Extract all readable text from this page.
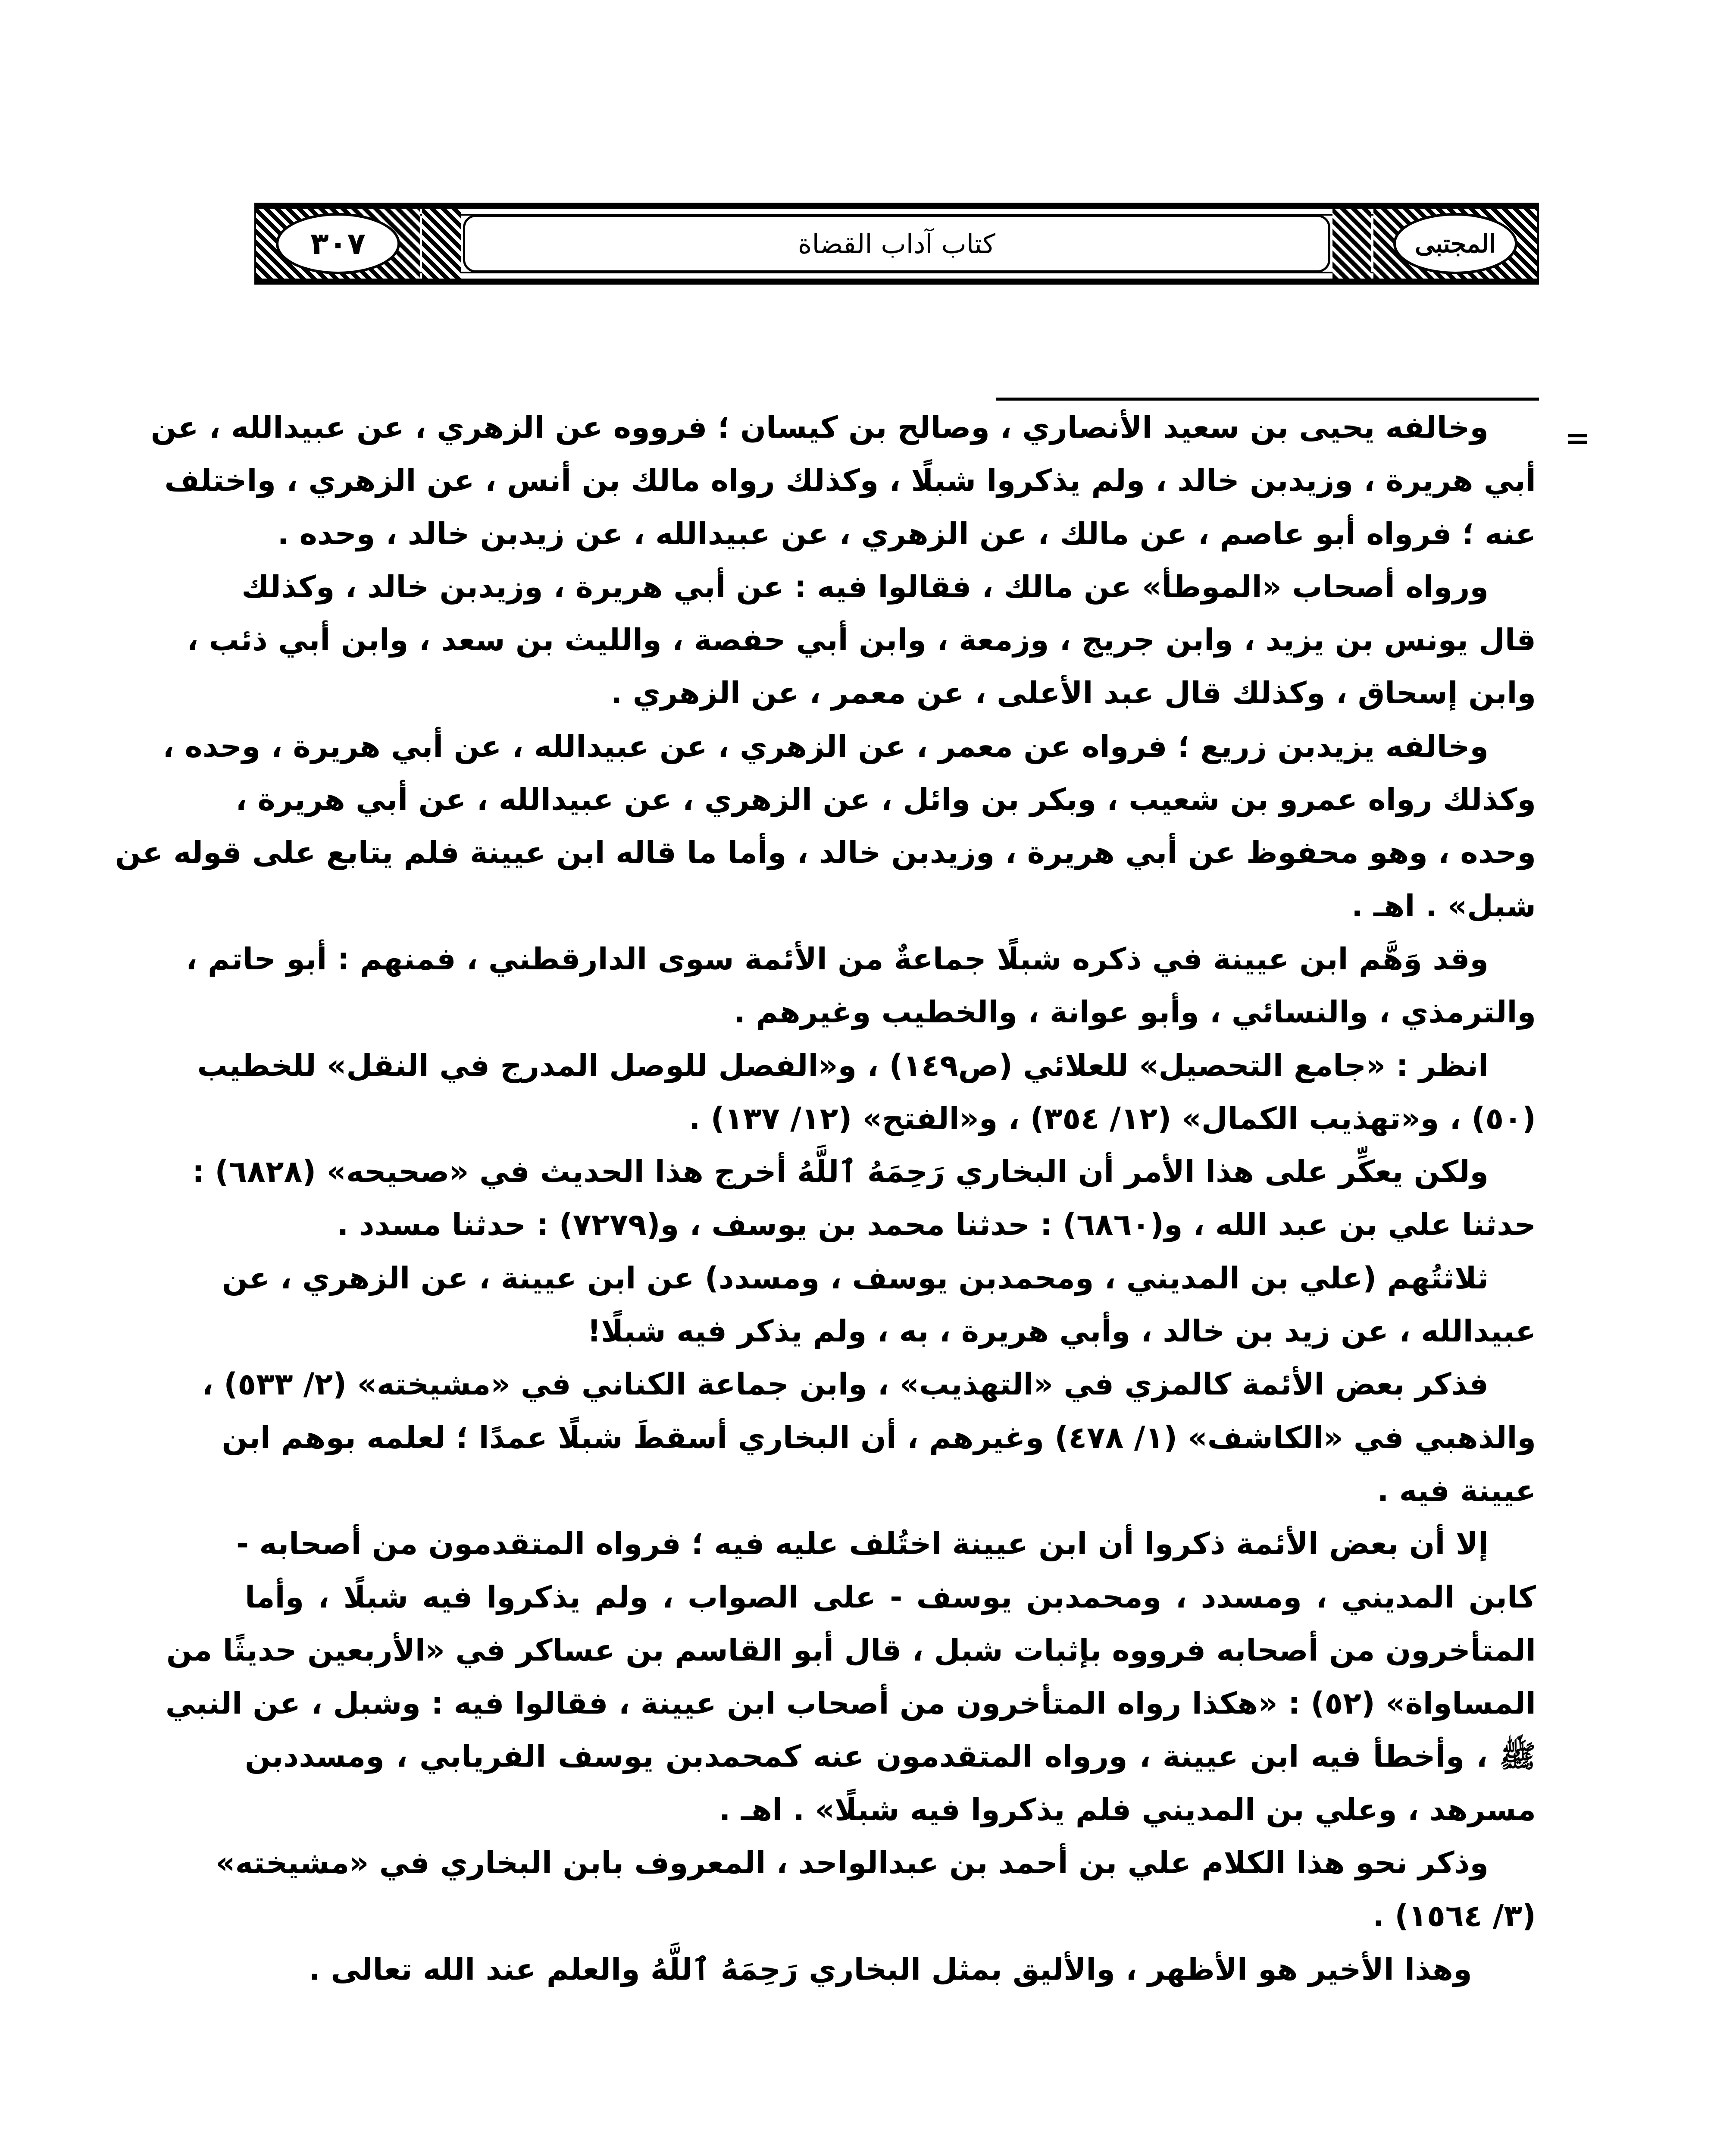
٣٠٧	كتاب آداب القضاة	المجتبى
=
وخالفه يحيى بن سعيد الأنصاري ، وصالح بن كيسان ؛ فرووه عن الزهري ، عن عبيدالله ، عن
أبي هريرة ، وزيدبن خالد ، ولم يذكروا شبلًا ، وكذلك رواه مالك بن أنس ، عن الزهري ، واختلف
عنه ؛ فرواه أبو عاصم ، عن مالك ، عن الزهري ، عن عبيدالله ، عن زيدبن خالد ، وحده .
ورواه أصحاب «الموطأ» عن مالك ، فقالوا فيه : عن أبي هريرة ، وزيدبن خالد ، وكذلك
قال يونس بن يزيد ، وابن جريج ، وزمعة ، وابن أبي حفصة ، والليث بن سعد ، وابن أبي ذئب ،
وابن إسحاق ، وكذلك قال عبد الأعلى ، عن معمر ، عن الزهري .
وخالفه يزيدبن زريع ؛ فرواه عن معمر ، عن الزهري ، عن عبيدالله ، عن أبي هريرة ، وحده ،
وكذلك رواه عمرو بن شعيب ، وبكر بن وائل ، عن الزهري ، عن عبيدالله ، عن أبي هريرة ،
وحده ، وهو محفوظ عن أبي هريرة ، وزيدبن خالد ، وأما ما قاله ابن عيينة فلم يتابع على قوله عن
شبل» . اهـ .
وقد وَهَّم ابن عيينة في ذكره شبلًا جماعةٌ من الأئمة سوى الدارقطني ، فمنهم : أبو حاتم ،
والترمذي ، والنسائي ، وأبو عوانة ، والخطيب وغيرهم .
انظر : «جامع التحصيل» للعلائي (ص١٤٩) ، و«الفصل للوصل المدرج في النقل» للخطيب
(٥٠) ، و«تهذيب الكمال» (١٢/ ٣٥٤) ، و«الفتح» (١٢/ ١٣٧) .
ولكن يعكِّر على هذا الأمر أن البخاري رَحِمَهُ ٱللَّهُ أخرج هذا الحديث في «صحيحه» (٦٨٢٨) :
حدثنا علي بن عبد الله ، و(٦٨٦٠) : حدثنا محمد بن يوسف ، و(٧٢٧٩) : حدثنا مسدد .
ثلاثتُهم (علي بن المديني ، ومحمدبن يوسف ، ومسدد) عن ابن عيينة ، عن الزهري ، عن
عبيدالله ، عن زيد بن خالد ، وأبي هريرة ، به ، ولم يذكر فيه شبلًا!
فذكر بعض الأئمة كالمزي في «التهذيب» ، وابن جماعة الكناني في «مشيخته» (٢/ ٥٣٣) ،
والذهبي في «الكاشف» (١/ ٤٧٨) وغيرهم ، أن البخاري أسقطَ شبلًا عمدًا ؛ لعلمه بوهم ابن
عيينة فيه .
إلا أن بعض الأئمة ذكروا أن ابن عيينة اختُلف عليه فيه ؛ فرواه المتقدمون من أصحابه -
كابن المديني ، ومسدد ، ومحمدبن يوسف - على الصواب ، ولم يذكروا فيه شبلًا ، وأما
المتأخرون من أصحابه فرووه بإثبات شبل ، قال أبو القاسم بن عساكر في «الأربعين حديثًا من
المساواة» (٥٢) : «هكذا رواه المتأخرون من أصحاب ابن عيينة ، فقالوا فيه : وشبل ، عن النبي
ﷺ ، وأخطأ فيه ابن عيينة ، ورواه المتقدمون عنه كمحمدبن يوسف الفريابي ، ومسددبن
مسرهد ، وعلي بن المديني فلم يذكروا فيه شبلًا» . اهـ .
وذكر نحو هذا الكلام علي بن أحمد بن عبدالواحد ، المعروف بابن البخاري في «مشيخته»
(٣/ ١٥٦٤) .
وهذا الأخير هو الأظهر ، والأليق بمثل البخاري رَحِمَهُ ٱللَّهُ والعلم عند الله تعالى .
